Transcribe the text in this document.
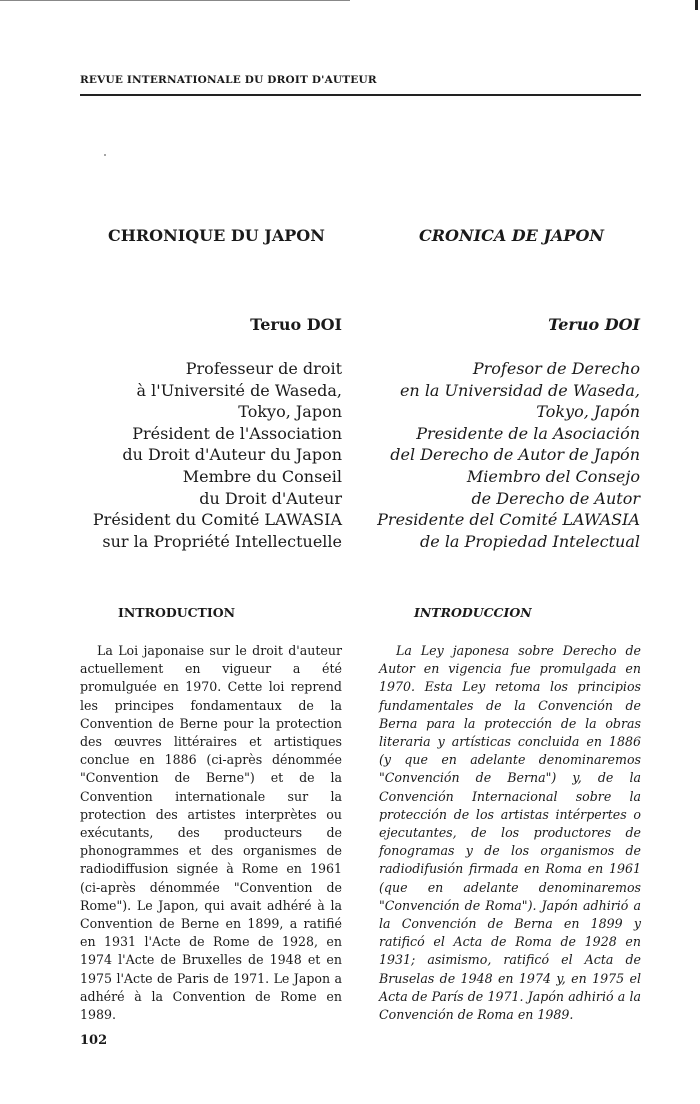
REVUE INTERNATIONALE DU DROIT D'AUTEUR
CHRONIQUE DU JAPON	CRONICA DE JAPON
Teruo DOI	Teruo DOI
Professeur de droit
à l'Université de Waseda,
Tokyo, Japon
Président de l'Association
du Droit d'Auteur du Japon
Membre du Conseil
du Droit d'Auteur
Président du Comité LAWASIA
sur la Propriété Intellectuelle
Profesor de Derecho
en la Universidad de Waseda,
Tokyo, Japón
Presidente de la Asociación
del Derecho de Autor de Japón
Miembro del Consejo
de Derecho de Autor
Presidente del Comité LAWASIA
de la Propiedad Intelectual
INTRODUCTION	INTRODUCCION

La Loi japonaise sur le droit d'auteur actuellement en vigueur a été promulguée en 1970. Cette loi reprend les principes fondamentaux de la Convention de Berne pour la protection des œuvres littéraires et artistiques conclue en 1886 (ci-après dénommée "Convention de Berne") et de la Convention internationale sur la protection des artistes interprètes ou exécutants, des producteurs de phonogrammes et des organismes de radiodiffusion signée à Rome en 1961 (ci-après dénommée "Convention de Rome"). Le Japon, qui avait adhéré à la Convention de Berne en 1899, a ratifié en 1931 l'Acte de Rome de 1928, en 1974 l'Acte de Bruxelles de 1948 et en 1975 l'Acte de Paris de 1971. Le Japon a adhéré à la Convention de Rome en 1989.

La Ley japonesa sobre Derecho de Autor en vigencia fue promulgada en 1970. Esta Ley retoma los principios fundamentales de la Convención de Berna para la protección de la obras literaria y artísticas concluida en 1886 (y que en adelante denominaremos "Convención de Berna") y, de la Convención Internacional sobre la protección de los artistas intérpertes o ejecutantes, de los productores de fonogramas y de los organismos de radiodifusión firmada en Roma en 1961 (que en adelante denominaremos "Convención de Roma"). Japón adhirió a la Convención de Berna en 1899 y ratificó el Acta de Roma de 1928 en 1931; asimismo, ratificó el Acta de Bruselas de 1948 en 1974 y, en 1975 el Acta de París de 1971. Japón adhirió a la Convención de Roma en 1989.

102
